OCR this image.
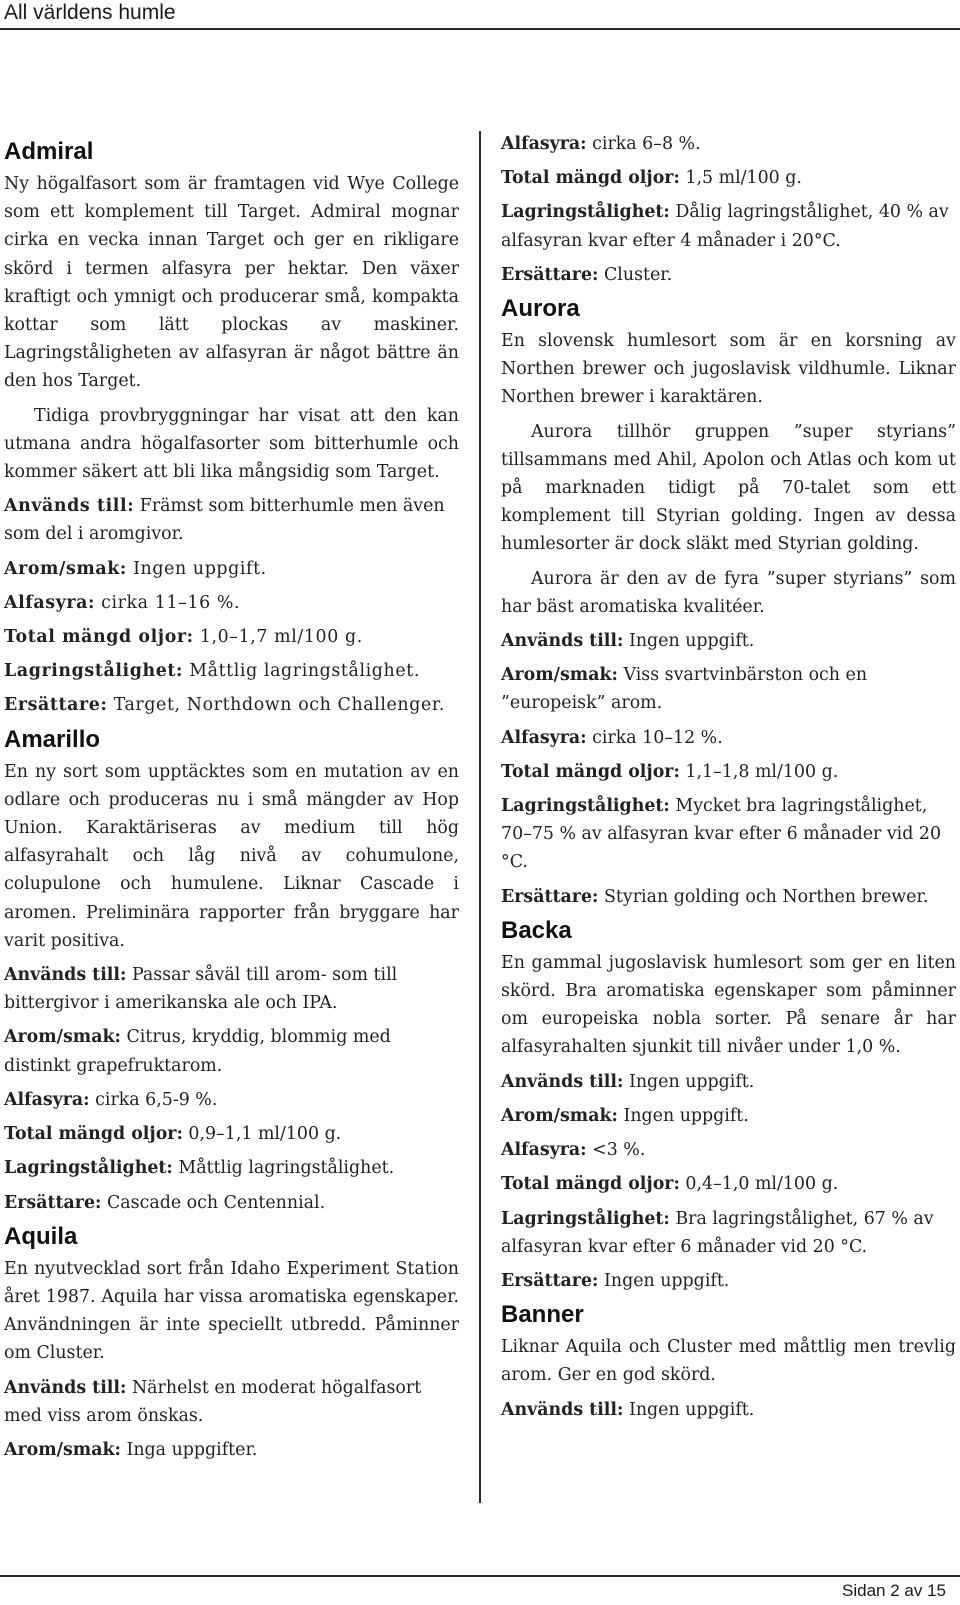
All världens humle
Admiral

Ny högalfasort som är framtagen vid Wye College som ett komplement till Target. Admiral mognar cirka en vecka innan Target och ger en rikligare skörd i termen alfasyra per hektar. Den växer kraftigt och ymnigt och producerar små, kompakta kottar som lätt plockas av maskiner. Lagringståligheten av alfasyran är något bättre än den hos Target.

Tidiga provbryggningar har visat att den kan utmana andra högalfasorter som bitterhumle och kommer säkert att bli lika mångsidig som Target.

Används till: Främst som bitterhumle men även som del i aromgivor.

Arom/smak: Ingen uppgift.

Alfasyra: cirka 11–16 %.

Total mängd oljor: 1,0–1,7 ml/100 g.

Lagringstålighet: Måttlig lagringstålighet.

Ersättare: Target, Northdown och Challenger.

Amarillo

En ny sort som upptäcktes som en mutation av en odlare och produceras nu i små mängder av Hop Union. Karaktäriseras av medium till hög alfasyrahalt och låg nivå av cohumulone, colupulone och humulene. Liknar Cascade i aromen. Preliminära rapporter från bryggare har varit positiva.

Används till: Passar såväl till arom- som till bittergivor i amerikanska ale och IPA.

Arom/smak: Citrus, kryddig, blommig med distinkt grapefruktarom.

Alfasyra: cirka 6,5-9 %.

Total mängd oljor: 0,9–1,1 ml/100 g.

Lagringstålighet: Måttlig lagringstålighet.

Ersättare: Cascade och Centennial.

Aquila

En nyutvecklad sort från Idaho Experiment Station året 1987. Aquila har vissa aromatiska egenskaper. Användningen är inte speciellt utbredd. Påminner om Cluster.

Används till: Närhelst en moderat högalfasort med viss arom önskas.

Arom/smak: Inga uppgifter.

Alfasyra: cirka 6–8 %.

Total mängd oljor: 1,5 ml/100 g.

Lagringstålighet: Dålig lagringstålighet, 40 % av alfasyran kvar efter 4 månader i 20°C.

Ersättare: Cluster.

Aurora

En slovensk humlesort som är en korsning av Northen brewer och jugoslavisk vildhumle. Liknar Northen brewer i karaktären.

Aurora tillhör gruppen ”super styrians” tillsammans med Ahil, Apolon och Atlas och kom ut på marknaden tidigt på 70-talet som ett komplement till Styrian golding. Ingen av dessa humlesorter är dock släkt med Styrian golding.

Aurora är den av de fyra ”super styrians” som har bäst aromatiska kvalitéer.

Används till: Ingen uppgift.

Arom/smak: Viss svartvinbärston och en ”europeisk” arom.

Alfasyra: cirka 10–12 %.

Total mängd oljor: 1,1–1,8 ml/100 g.

Lagringstålighet: Mycket bra lagringstålighet, 70–75 % av alfasyran kvar efter 6 månader vid 20 °C.

Ersättare: Styrian golding och Northen brewer.

Backa

En gammal jugoslavisk humlesort som ger en liten skörd. Bra aromatiska egenskaper som påminner om europeiska nobla sorter. På senare år har alfasyrahalten sjunkit till nivåer under 1,0 %.

Används till: Ingen uppgift.

Arom/smak: Ingen uppgift.

Alfasyra: <3 %.

Total mängd oljor: 0,4–1,0 ml/100 g.

Lagringstålighet: Bra lagringstålighet, 67 % av alfasyran kvar efter 6 månader vid 20 °C.

Ersättare: Ingen uppgift.

Banner

Liknar Aquila och Cluster med måttlig men trevlig arom. Ger en god skörd.

Används till: Ingen uppgift.

Sidan 2 av 15
